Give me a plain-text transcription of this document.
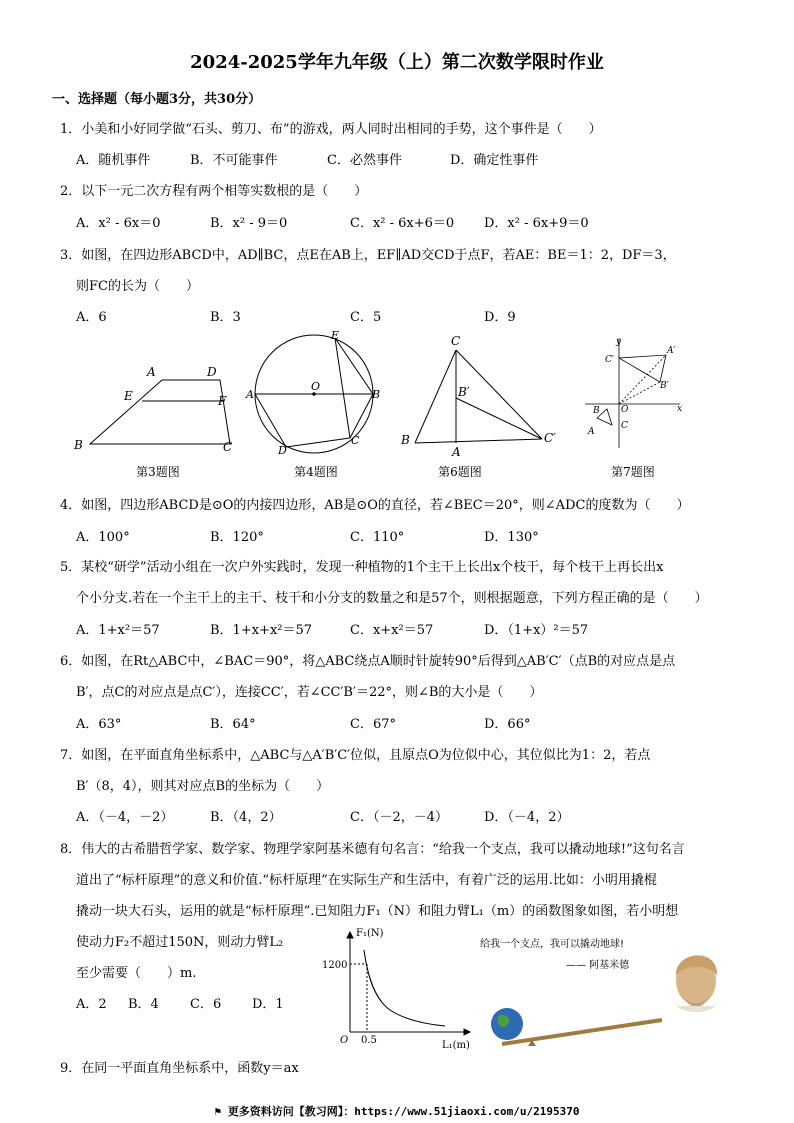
2024-2025学年九年级（上）第二次数学限时作业
一、选择题（每小题3分，共30分）
1．小美和小好同学做“石头、剪刀、布”的游戏，两人同时出相同的手势，这个事件是（　　）
A．随机事件	B．不可能事件	C．必然事件	D．确定性事件
2．以下一元二次方程有两个相等实数根的是（　　）
A．x² - 6x＝0	B．x² - 9＝0	C．x² - 6x+6＝0 D．x² - 6x+9＝0
3．如图，在四边形ABCD中，AD∥BC，点E在AB上，EF∥AD交CD于点F，若AE：BE＝1：2，DF＝3，
则FC的长为（　　）
A．6	B．3	C．5	D．9
A	D
E	F
B	C
E
O
A	B
D
C
C
B′
B
A
C′
y
C′
A′
B′
B O	x
A
C
第3题图	第4题图	第6题图	第7题图
4．如图，四边形ABCD是⊙O的内接四边形，AB是⊙O的直径，若∠BEC＝20°，则∠ADC的度数为（　　）
A．100°	B．120°	C．110°	D．130°
5．某校“研学”活动小组在一次户外实践时，发现一种植物的1个主干上长出x个枝干，每个枝干上再长出x
个小分支.若在一个主干上的主干、枝干和小分支的数量之和是57个，则根据题意，下列方程正确的是（　　）
A．1+x²＝57	B．1+x+x²＝57	C．x+x²＝57	D．（1+x）²＝57
6．如图，在Rt△ABC中，∠BAC＝90°，将△ABC绕点A顺时针旋转90°后得到△AB′C′（点B的对应点是点
B′，点C的对应点是点C′），连接CC′，若∠CC′B′＝22°，则∠B的大小是（　　）
A．63°	B．64°	C．67°	D．66°
7．如图，在平面直角坐标系中，△ABC与△A′B′C′位似，且原点O为位似中心，其位似比为1：2，若点
B′（8，4），则其对应点B的坐标为（　　）
A．（－4，－2）	B．（4，2）	C．（－2，－4）	D．（－4，2）
8．伟大的古希腊哲学家、数学家、物理学家阿基米德有句名言：“给我一个支点，我可以撬动地球!”这句名言
道出了“标杆原理”的意义和价值.“标杆原理”在实际生产和生活中，有着广泛的运用.比如：小明用撬棍
撬动一块大石头，运用的就是“标杆原理”.已知阻力F₁（N）和阻力臂L₁（m）的函数图象如图，若小明想
使动力F₂不超过150N，则动力臂L₂
至少需要（　　）m.
A．2 B．4 C．6 D．1
F₁(N)
1200
O 0.5	L₁(m)
给我一个支点，我可以撬动地球!
—— 阿基米德
9．在同一平面直角坐标系中，函数y＝ax
⚑ 更多资料访问【教习网】：https://www.51jiaoxi.com/u/2195370
